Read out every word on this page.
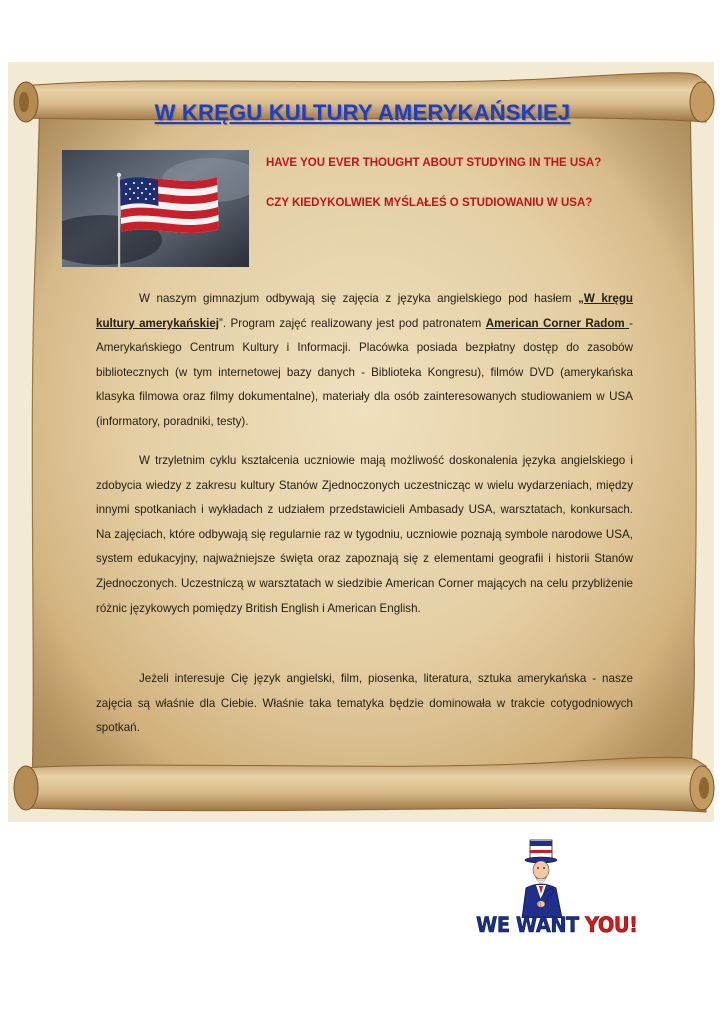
W KRĘGU KULTURY AMERYKAŃSKIEJ
HAVE YOU EVER THOUGHT ABOUT STUDYING IN THE USA?
CZY KIEDYKOLWIEK MYŚLAŁEŚ O STUDIOWANIU W USA?
W naszym gimnazjum odbywają się zajęcia z języka angielskiego pod hasłem „W kręgu kultury amerykańskiej”. Program zajęć realizowany jest pod patronatem American Corner Radom - Amerykańskiego Centrum Kultury i Informacji. Placówka posiada bezpłatny dostęp do zasobów bibliotecznych (w tym internetowej bazy danych - Biblioteka Kongresu), filmów DVD (amerykańska klasyka filmowa oraz filmy dokumentalne), materiały dla osób zainteresowanych studiowaniem w USA (informatory, poradniki, testy).
W trzyletnim cyklu kształcenia uczniowie mają możliwość doskonalenia języka angielskiego i zdobycia wiedzy z zakresu kultury Stanów Zjednoczonych uczestnicząc w wielu wydarzeniach, między innymi spotkaniach i wykładach z udziałem przedstawicieli Ambasady USA, warsztatach, konkursach. Na zajęciach, które odbywają się regularnie raz w tygodniu, uczniowie poznają symbole narodowe USA, system edukacyjny, najważniejsze święta oraz zapoznają się z elementami geografii i historii Stanów Zjednoczonych. Uczestniczą w warsztatach w siedzibie American Corner mających na celu przybliżenie różnic językowych pomiędzy British English i American English.
Jeżeli interesuje Cię język angielski, film, piosenka, literatura, sztuka amerykańska - nasze zajęcia są właśnie dla Ciebie. Właśnie taka tematyka będzie dominowała w trakcie cotygodniowych spotkań.
WE WANT YOU!
